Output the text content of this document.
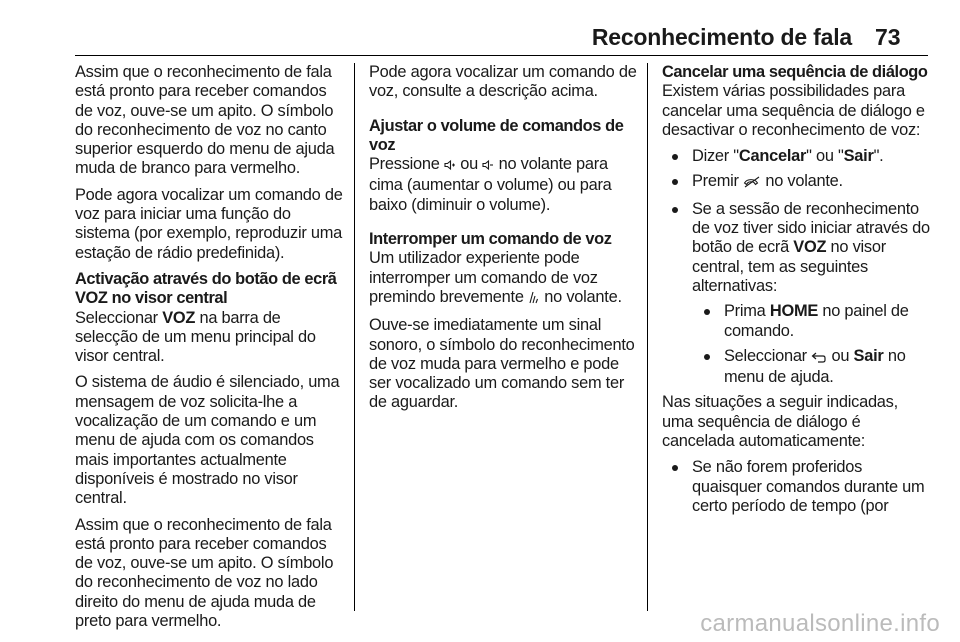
Reconhecimento de fala 73

Assim que o reconhecimento de fala está pronto para receber comandos de voz, ouve-se um apito. O símbolo do reconhecimento de voz no canto superior esquerdo do menu de ajuda muda de branco para vermelho.

Pode agora vocalizar um comando de voz para iniciar uma função do sistema (por exemplo, reproduzir uma estação de rádio predefinida).

Activação através do botão de ecrã VOZ no visor central

Seleccionar VOZ na barra de selecção de um menu principal do visor central.

O sistema de áudio é silenciado, uma mensagem de voz solicita-lhe a vocalização de um comando e um menu de ajuda com os comandos mais importantes actualmente disponíveis é mostrado no visor central.

Assim que o reconhecimento de fala está pronto para receber comandos de voz, ouve-se um apito. O símbolo do reconhecimento de voz no lado direito do menu de ajuda muda de preto para vermelho.

Pode agora vocalizar um comando de voz, consulte a descrição acima.

Ajustar o volume de comandos de voz

Pressione  ou  no volante para cima (aumentar o volume) ou para baixo (diminuir o volume).

Interromper um comando de voz

Um utilizador experiente pode interromper um comando de voz premindo brevemente  no volante.

Ouve-se imediatamente um sinal sonoro, o símbolo do reconhecimento de voz muda para vermelho e pode ser vocalizado um comando sem ter de aguardar.

Cancelar uma sequência de diálogo

Existem várias possibilidades para cancelar uma sequência de diálogo e desactivar o reconhecimento de voz:

Dizer "Cancelar" ou "Sair".
Premir  no volante.
Se a sessão de reconhecimento de voz tiver sido iniciar através do botão de ecrã VOZ no visor central, tem as seguintes alternativas:
Prima HOME no painel de comando.
Seleccionar  ou Sair no menu de ajuda.

Nas situações a seguir indicadas, uma sequência de diálogo é cancelada automaticamente:

Se não forem proferidos quaisquer comandos durante um certo período de tempo (por
carmanualsonline.info
